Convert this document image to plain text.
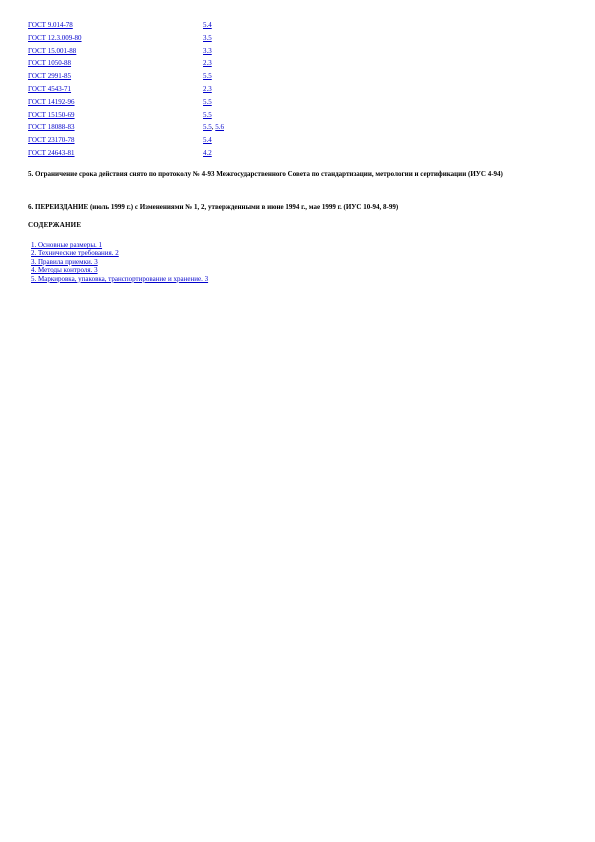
ГОСТ 9.014-78	5.4
ГОСТ 12.3.009-80	3.5
ГОСТ 15.001-88	3.3
ГОСТ 1050-88	2.3
ГОСТ 2991-85	5.5
ГОСТ 4543-71	2.3
ГОСТ 14192-96	5.5
ГОСТ 15150-69	5.5
ГОСТ 18088-83	5.5, 5.6
ГОСТ 23170-78	5.4
ГОСТ 24643-81	4.2
5. Ограничение срока действия снято по протоколу № 4-93 Межгосударственного Совета по стандартизации, метрологии и сертификации (ИУС 4-94)
6. ПЕРЕИЗДАНИЕ (июль 1999 г.) с Изменениями № 1, 2, утвержденными в июне 1994 г., мае 1999 г. (ИУС 10-94, 8-99)
СОДЕРЖАНИЕ
1. Основные размеры. 1
2. Технические требования. 2
3. Правила приемки. 3
4. Методы контроля. 3
5. Маркировка, упаковка, транспортирование и хранение. 3
